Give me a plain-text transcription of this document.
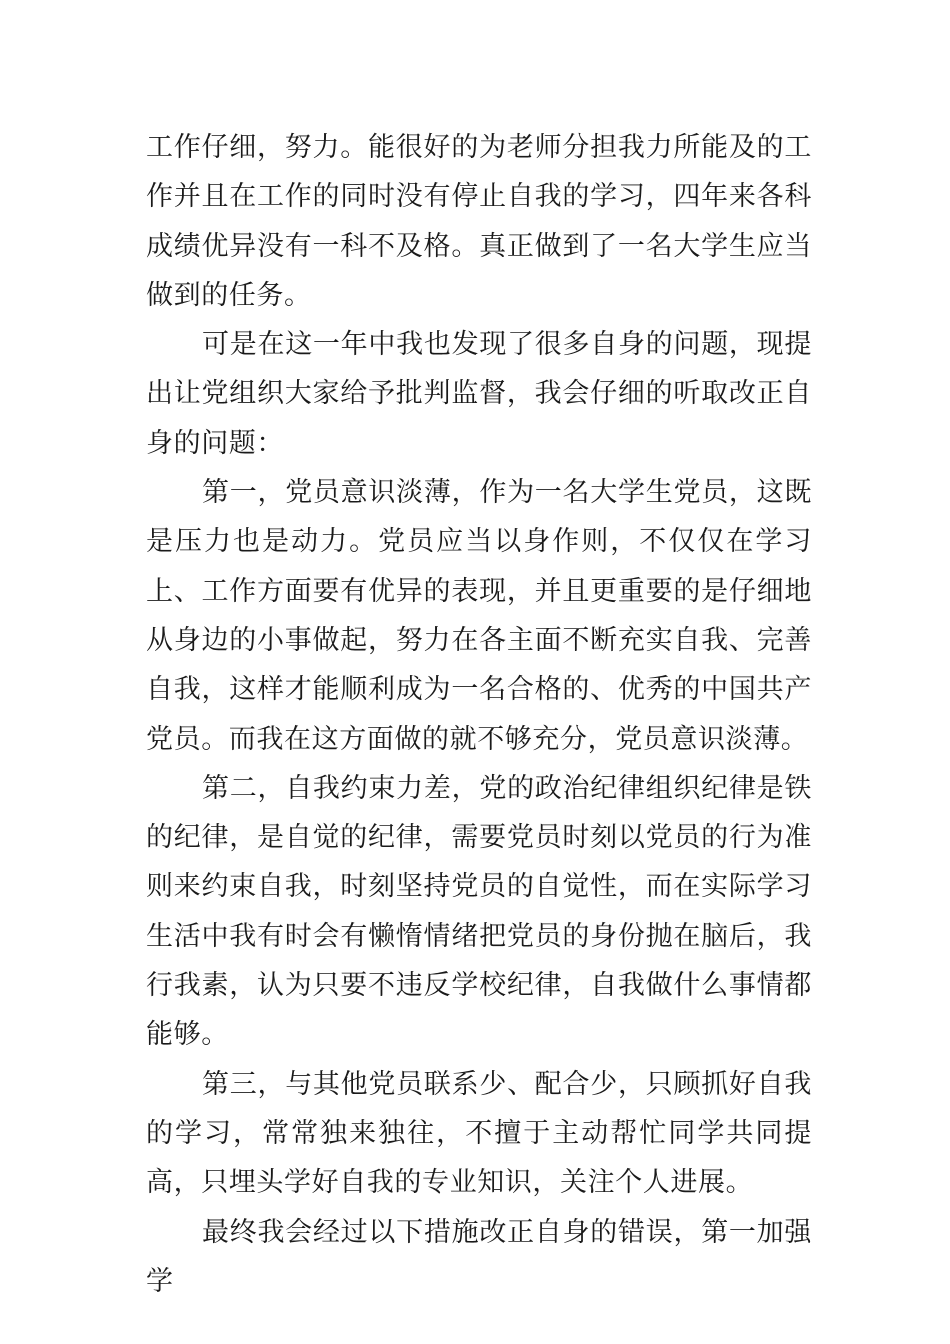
工作仔细，努力。能很好的为老师分担我力所能及的工作并且在工作的同时没有停止自我的学习，四年来各科成绩优异没有一科不及格。真正做到了一名大学生应当做到的任务。

可是在这一年中我也发现了很多自身的问题，现提出让党组织大家给予批判监督，我会仔细的听取改正自身的问题：

第一，党员意识淡薄，作为一名大学生党员，这既是压力也是动力。党员应当以身作则，不仅仅在学习上、工作方面要有优异的表现，并且更重要的是仔细地从身边的小事做起，努力在各主面不断充实自我、完善自我，这样才能顺利成为一名合格的、优秀的中国共产党员。而我在这方面做的就不够充分，党员意识淡薄。

第二，自我约束力差，党的政治纪律组织纪律是铁的纪律，是自觉的纪律，需要党员时刻以党员的行为准则来约束自我，时刻坚持党员的自觉性，而在实际学习生活中我有时会有懒惰情绪把党员的身份抛在脑后，我行我素，认为只要不违反学校纪律，自我做什么事情都能够。

第三，与其他党员联系少、配合少，只顾抓好自我的学习，常常独来独往，不擅于主动帮忙同学共同提高，只埋头学好自我的专业知识，关注个人进展。

最终我会经过以下措施改正自身的错误，第一加强学
